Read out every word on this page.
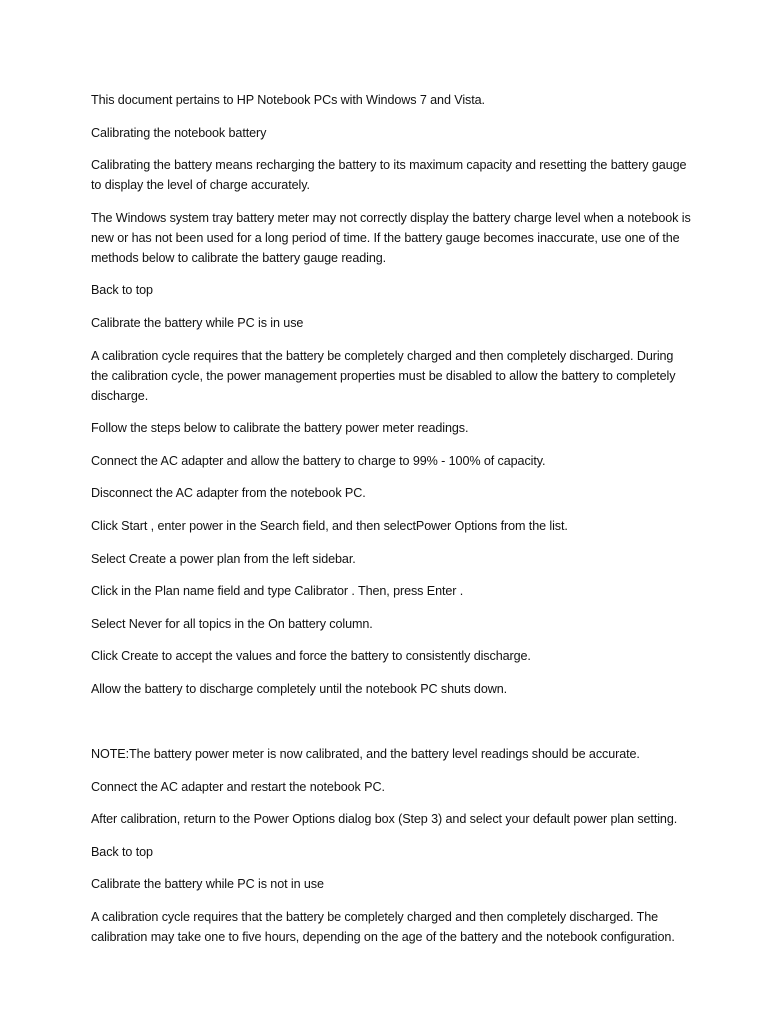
This document pertains to HP Notebook PCs with Windows 7 and Vista.

Calibrating the notebook battery

Calibrating the battery means recharging the battery to its maximum capacity and resetting the battery gauge to display the level of charge accurately.

The Windows system tray battery meter may not correctly display the battery charge level when a notebook is new or has not been used for a long period of time. If the battery gauge becomes inaccurate, use one of the methods below to calibrate the battery gauge reading.

Back to top

Calibrate the battery while PC is in use

A calibration cycle requires that the battery be completely charged and then completely discharged. During the calibration cycle, the power management properties must be disabled to allow the battery to completely discharge.

Follow the steps below to calibrate the battery power meter readings.

Connect the AC adapter and allow the battery to charge to 99% - 100% of capacity.

Disconnect the AC adapter from the notebook PC.

Click Start , enter power in the Search field, and then selectPower Options from the list.

Select Create a power plan from the left sidebar.

Click in the Plan name field and type Calibrator . Then, press Enter .

Select Never for all topics in the On battery column.

Click Create to accept the values and force the battery to consistently discharge.

Allow the battery to discharge completely until the notebook PC shuts down.

NOTE:The battery power meter is now calibrated, and the battery level readings should be accurate.

Connect the AC adapter and restart the notebook PC.

After calibration, return to the Power Options dialog box (Step 3) and select your default power plan setting.

Back to top

Calibrate the battery while PC is not in use

A calibration cycle requires that the battery be completely charged and then completely discharged. The calibration may take one to five hours, depending on the age of the battery and the notebook configuration.
